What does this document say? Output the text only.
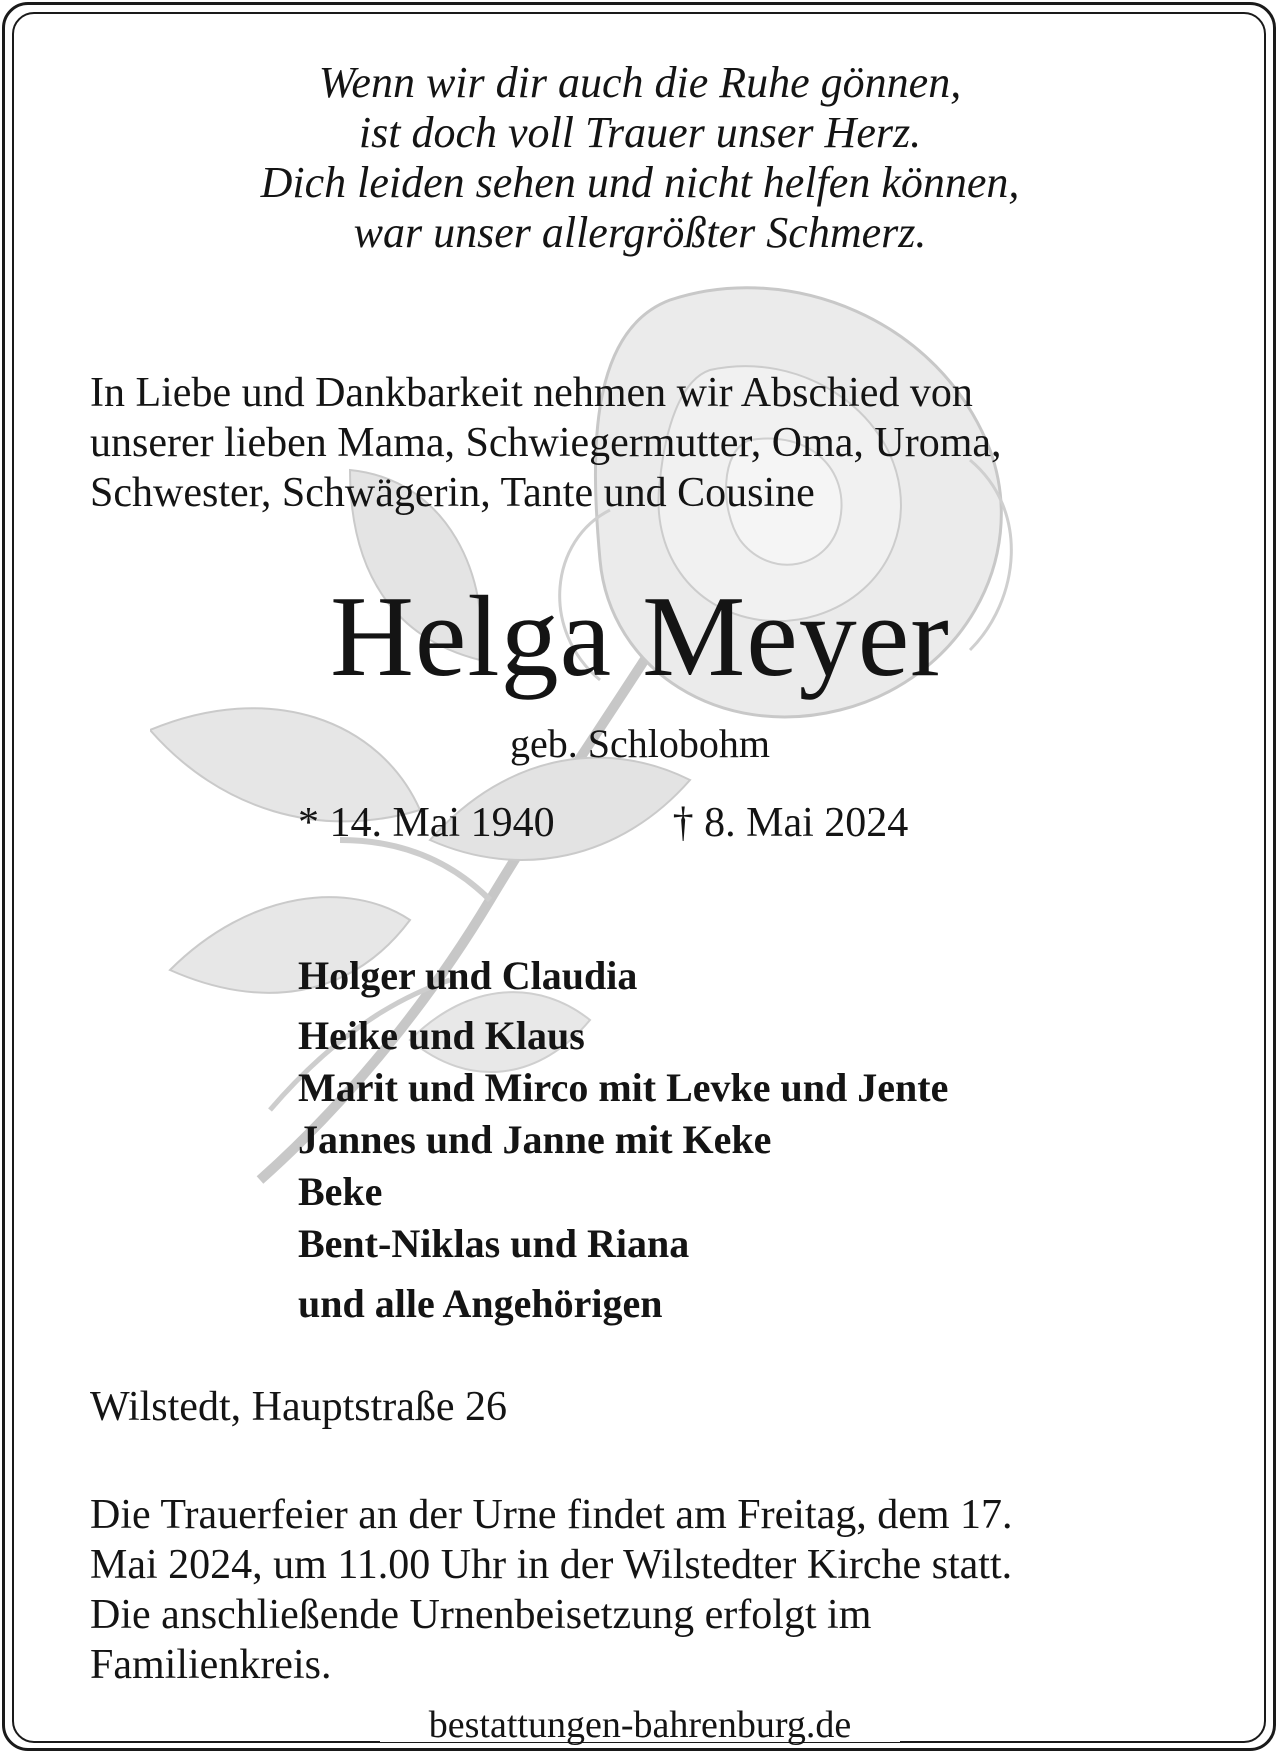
Wenn wir dir auch die Ruhe gönnen,
ist doch voll Trauer unser Herz.
Dich leiden sehen und nicht helfen können,
war unser allergrößter Schmerz.
In Liebe und Dankbarkeit nehmen wir Abschied von
unserer lieben Mama, Schwiegermutter, Oma, Uroma,
Schwester, Schwägerin, Tante und Cousine
Helga Meyer
geb. Schlobohm
* 14. Mai 1940	† 8. Mai 2024
Holger und Claudia
Heike und Klaus
Marit und Mirco mit Levke und Jente
Jannes und Janne mit Keke
Beke
Bent-Niklas und Riana
und alle Angehörigen
Wilstedt, Hauptstraße 26
Die Trauerfeier an der Urne findet am Freitag, dem 17.
Mai 2024, um 11.00 Uhr in der Wilstedter Kirche statt.
Die anschließende Urnenbeisetzung erfolgt im
Familienkreis.
bestattungen-bahrenburg.de
